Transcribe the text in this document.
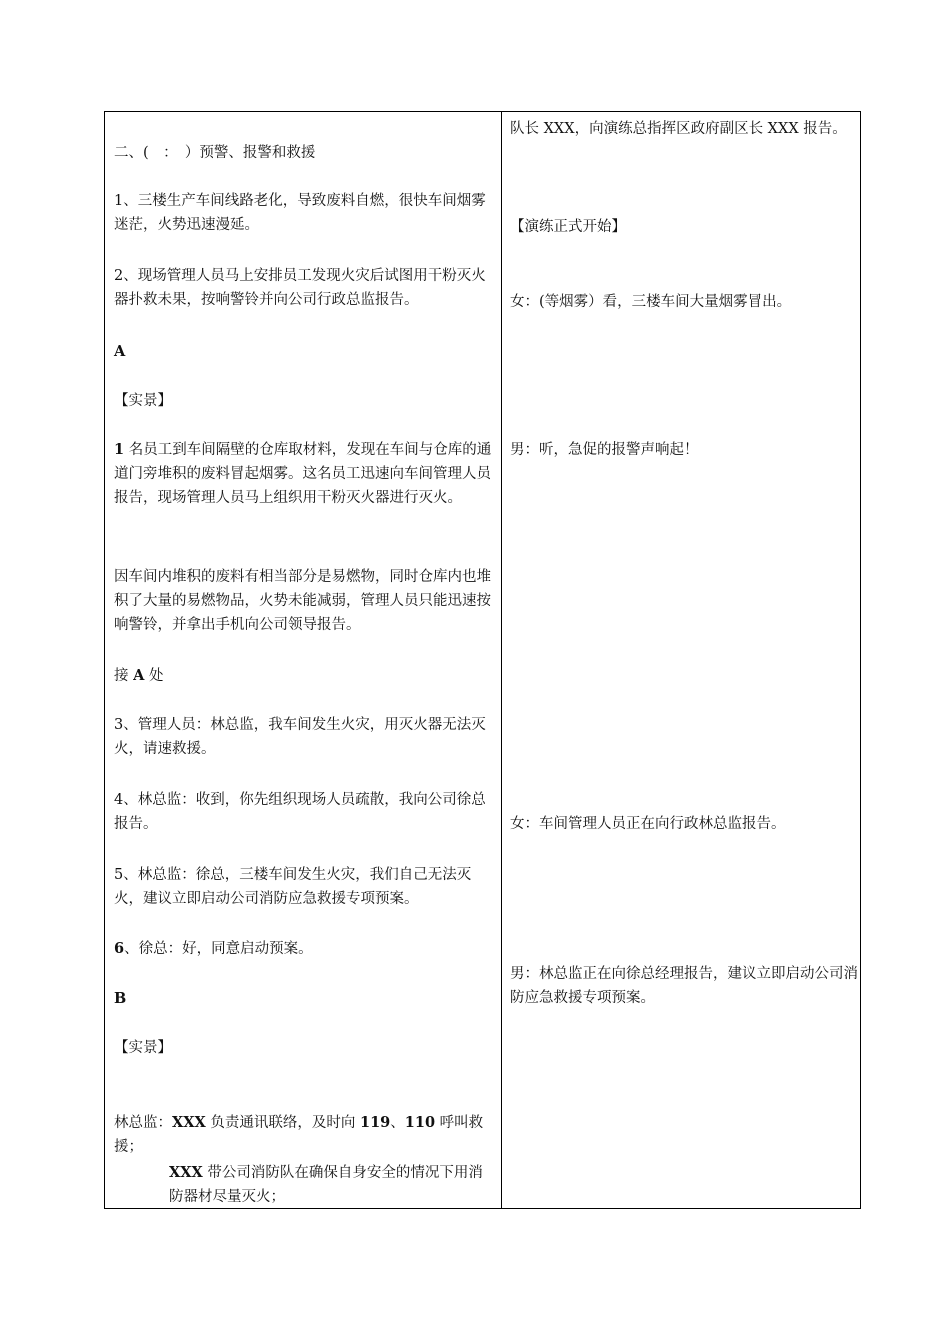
二、(　：　）预警、报警和救援

1、三楼生产车间线路老化，导致废料自燃，很快车间烟雾迷茫，火势迅速漫延。

2、现场管理人员马上安排员工发现火灾后试图用干粉灭火器扑救未果，按响警铃并向公司行政总监报告。

A

【实景】

1 名员工到车间隔壁的仓库取材料，发现在车间与仓库的通道门旁堆积的废料冒起烟雾。这名员工迅速向车间管理人员报告，现场管理人员马上组织用干粉灭火器进行灭火。

因车间内堆积的废料有相当部分是易燃物，同时仓库内也堆积了大量的易燃物品，火势未能减弱，管理人员只能迅速按响警铃，并拿出手机向公司领导报告。

接 A 处

3、管理人员：林总监，我车间发生火灾，用灭火器无法灭火，请速救援。

4、林总监：收到，你先组织现场人员疏散，我向公司徐总报告。

5、林总监：徐总，三楼车间发生火灾，我们自己无法灭火，建议立即启动公司消防应急救援专项预案。

6、徐总：好，同意启动预案。

B

【实景】

林总监：XXX 负责通讯联络，及时向 119、110 呼叫救援；

XXX 带公司消防队在确保自身安全的情况下用消防器材尽量灭火；

队长 XXX，向演练总指挥区政府副区长 XXX 报告。

【演练正式开始】

女：(等烟雾）看，三楼车间大量烟雾冒出。

男：听，急促的报警声响起！

女：车间管理人员正在向行政林总监报告。

男：林总监正在向徐总经理报告，建议立即启动公司消防应急救援专项预案。
